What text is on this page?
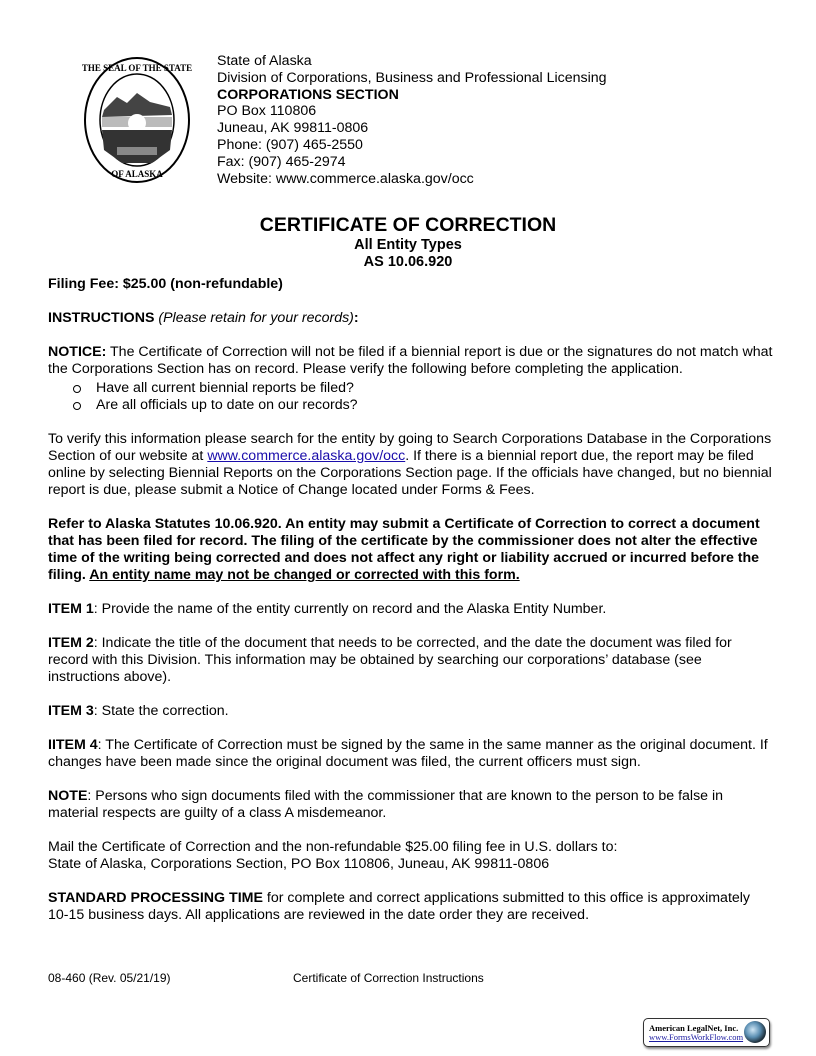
THE SEAL OF THE STATE
OF ALASKA
State of Alaska
Division of Corporations, Business and Professional Licensing
CORPORATIONS SECTION
PO Box 110806
Juneau, AK 99811-0806
Phone: (907) 465-2550
Fax: (907) 465-2974
Website: www.commerce.alaska.gov/occ
CERTIFICATE OF CORRECTION
All Entity Types
AS 10.06.920

Filing Fee: $25.00 (non-refundable)

INSTRUCTIONS (Please retain for your records):

NOTICE: The Certificate of Correction will not be filed if a biennial report is due or the signatures do not match what the Corporations Section has on record. Please verify the following before completing the application.

Have all current biennial reports be filed?
Are all officials up to date on our records?

To verify this information please search for the entity by going to Search Corporations Database in the Corporations Section of our website at www.commerce.alaska.gov/occ. If there is a biennial report due, the report may be filed online by selecting Biennial Reports on the Corporations Section page. If the officials have changed, but no biennial report is due, please submit a Notice of Change located under Forms & Fees.

Refer to Alaska Statutes 10.06.920. An entity may submit a Certificate of Correction to correct a document that has been filed for record. The filing of the certificate by the commissioner does not alter the effective time of the writing being corrected and does not affect any right or liability accrued or incurred before the filing. An entity name may not be changed or corrected with this form.

ITEM 1: Provide the name of the entity currently on record and the Alaska Entity Number.

ITEM 2: Indicate the title of the document that needs to be corrected, and the date the document was filed for record with this Division. This information may be obtained by searching our corporations’ database (see instructions above).

ITEM 3: State the correction.

IITEM 4: The Certificate of Correction must be signed by the same in the same manner as the original document. If changes have been made since the original document was filed, the current officers must sign.

NOTE: Persons who sign documents filed with the commissioner that are known to the person to be false in material respects are guilty of a class A misdemeanor.

Mail the Certificate of Correction and the non-refundable $25.00 filing fee in U.S. dollars to:
State of Alaska, Corporations Section, PO Box 110806, Juneau, AK 99811-0806

STANDARD PROCESSING TIME for complete and correct applications submitted to this office is approximately 10-15 business days. All applications are reviewed in the date order they are received.

08-460 (Rev. 05/21/19)	Certificate of Correction Instructions
American LegalNet, Inc.
www.FormsWorkFlow.com
